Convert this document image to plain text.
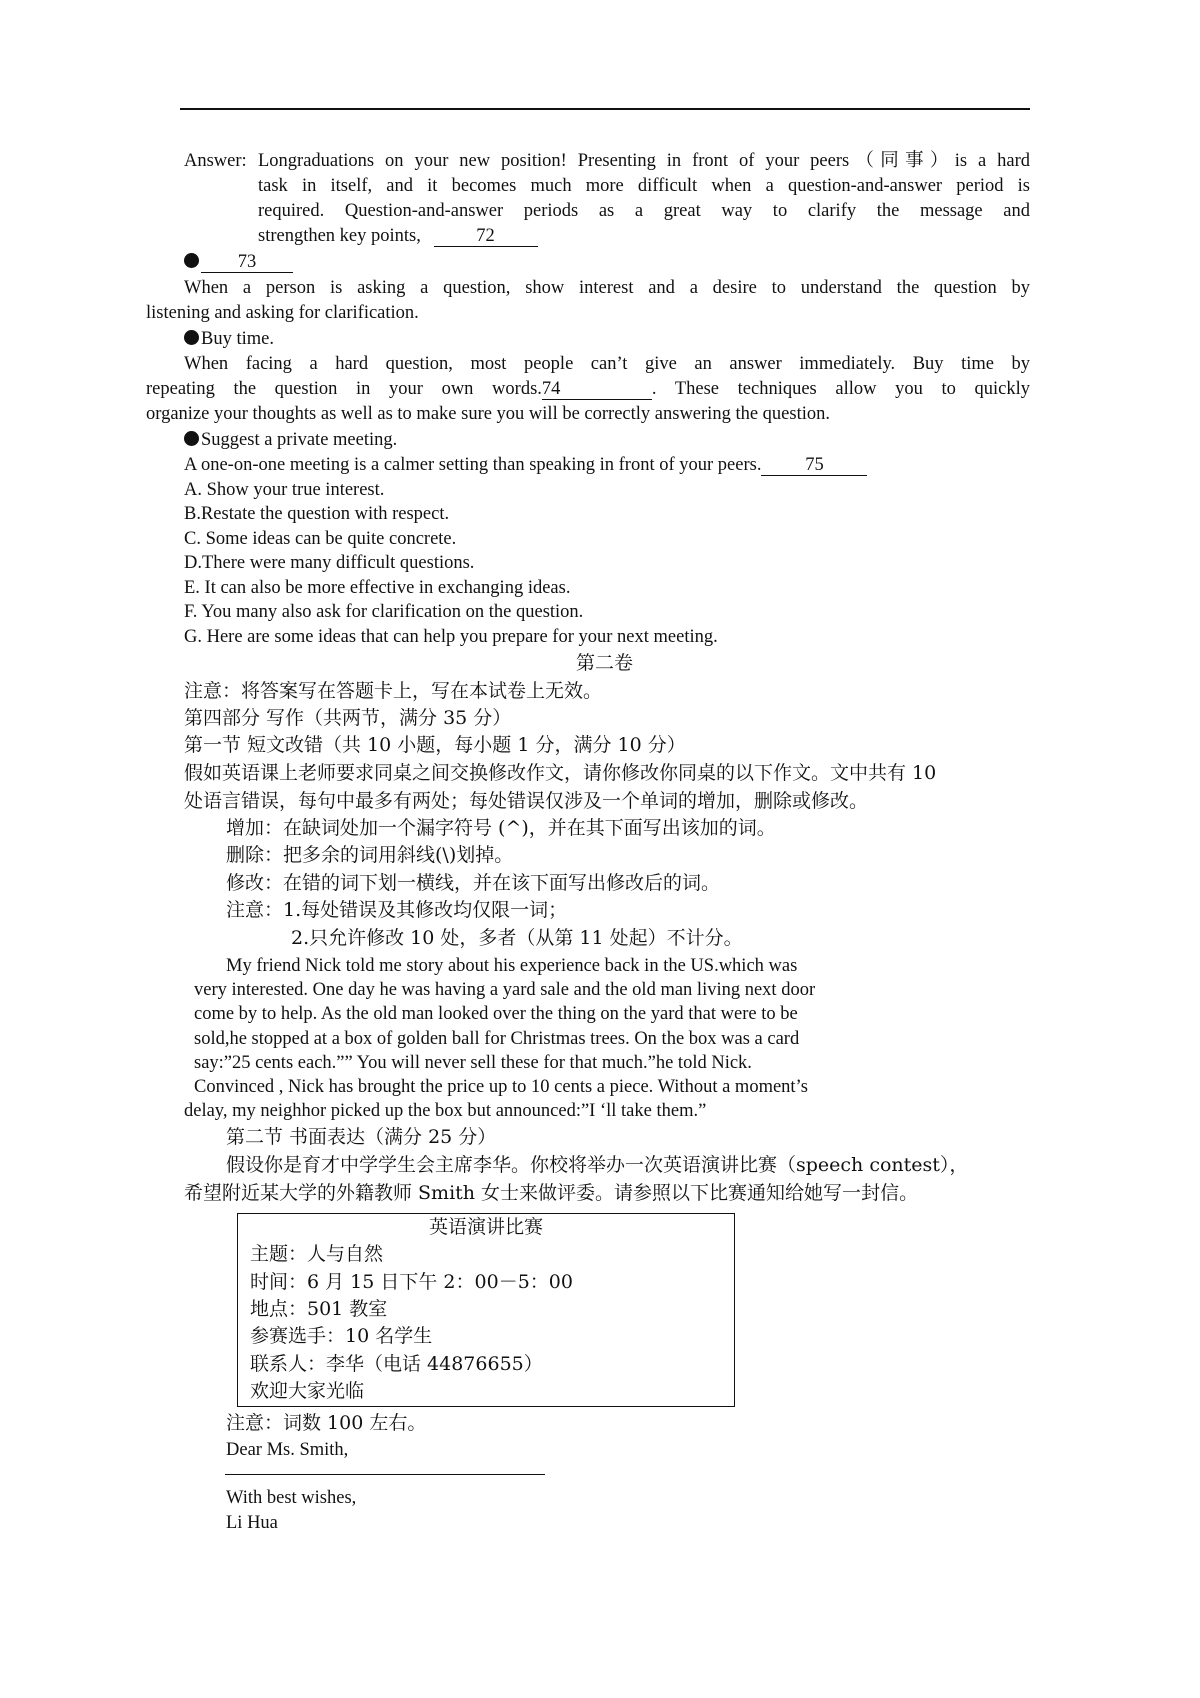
Answer: Longraduations on your new position! Presenting in front of your peers（同事）is a hard
task in itself, and it becomes much more difficult when a question-and-answer period is
required. Question-and-answer periods as a great way to clarify the message and
strengthen key points,	72
73
When a person is asking a question, show interest and a desire to understand the question by
listening and asking for clarification.
Buy time.
When facing a hard question, most people can’t give an answer immediately. Buy time by
repeating the question in your own words.74	. These techniques allow you to quickly
organize your thoughts as well as to make sure you will be correctly answering the question.
Suggest a private meeting.
A one-on-one meeting is a calmer setting than speaking in front of your peers. 75
A. Show your true interest.
B.Restate the question with respect.
C. Some ideas can be quite concrete.
D.There were many difficult questions.
E. It can also be more effective in exchanging ideas.
F. You many also ask for clarification on the question.
G. Here are some ideas that can help you prepare for your next meeting.
第二卷
注意：将答案写在答题卡上，写在本试卷上无效。
第四部分 写作（共两节，满分 35 分）
第一节 短文改错（共 10 小题，每小题 1 分，满分 10 分）
假如英语课上老师要求同桌之间交换修改作文，请你修改你同桌的以下作文。文中共有 10
处语言错误，每句中最多有两处；每处错误仅涉及一个单词的增加，删除或修改。
增加：在缺词处加一个漏字符号 (^)，并在其下面写出该加的词。
删除：把多余的词用斜线(\)划掉。
修改：在错的词下划一横线，并在该下面写出修改后的词。
注意：1.每处错误及其修改均仅限一词；
2.只允许修改 10 处，多者（从第 11 处起）不计分。
My friend Nick told me story about his experience back in the US.which was
very interested. One day he was having a yard sale and the old man living next door
come by to help. As the old man looked over the thing on the yard that were to be
sold,he stopped at a box of golden ball for Christmas trees. On the box was a card
say:”25 cents each.”” You will never sell these for that much.”he told Nick.
Convinced , Nick has brought the price up to 10 cents a piece. Without a moment’s
delay, my neighhor picked up the box but announced:”I ‘ll take them.”
第二节 书面表达（满分 25 分）
假设你是育才中学学生会主席李华。你校将举办一次英语演讲比赛（speech contest），
希望附近某大学的外籍教师 Smith 女士来做评委。请参照以下比赛通知给她写一封信。
英语演讲比赛
主题：人与自然
时间：6 月 15 日下午 2：00－5：00
地点：501 教室
参赛选手：10 名学生
联系人：李华（电话 44876655）
欢迎大家光临
注意：词数 100 左右。
Dear Ms. Smith,
With best wishes,
Li Hua
